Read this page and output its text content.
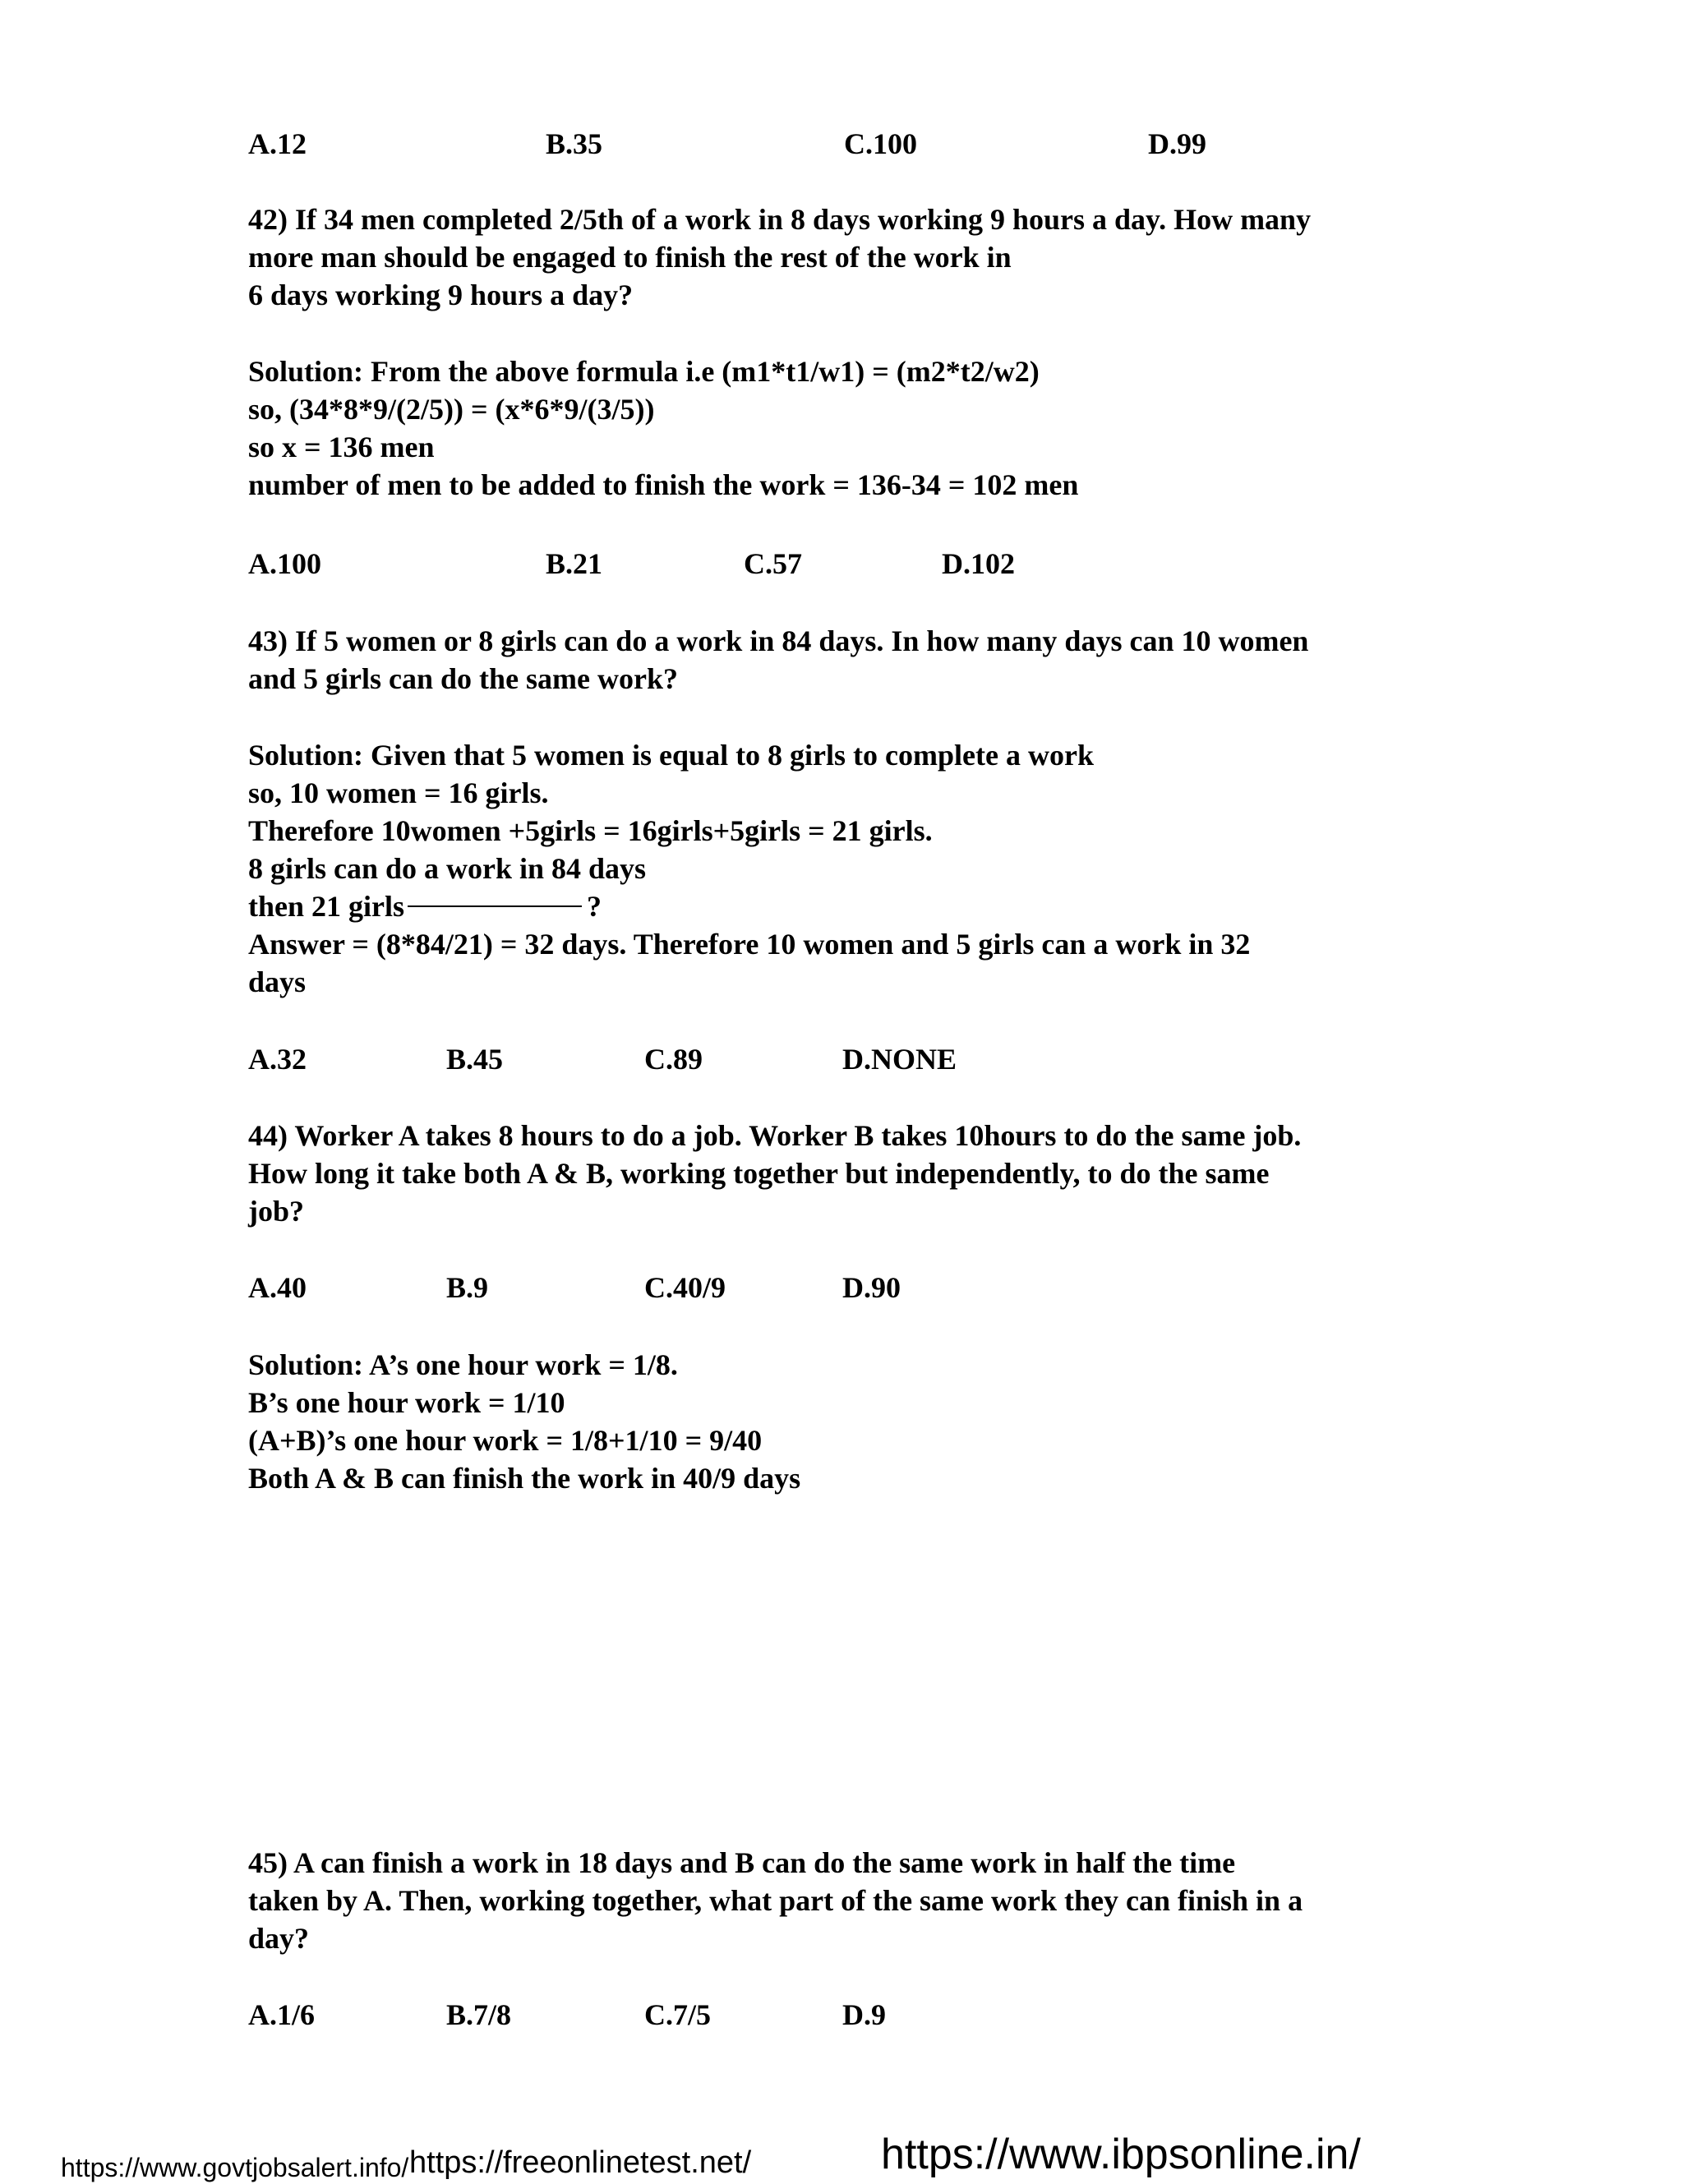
A.12	B.35	C.100	D.99
42) If 34 men completed 2/5th of a work in 8 days working 9 hours a day. How many
more man should be engaged to finish the rest of the work in
6 days working 9 hours a day?
Solution: From the above formula i.e (m1*t1/w1) = (m2*t2/w2)
so, (34*8*9/(2/5)) = (x*6*9/(3/5))
so x = 136 men
number of men to be added to finish the work = 136-34 = 102 men
A.100	B.21	C.57	D.102
43) If 5 women or 8 girls can do a work in 84 days. In how many days can 10 women
and 5 girls can do the same work?
Solution: Given that 5 women is equal to 8 girls to complete a work
so, 10 women = 16 girls.
Therefore 10women +5girls = 16girls+5girls = 21 girls.
8 girls can do a work in 84 days
then 21 girls	?
Answer = (8*84/21) = 32 days. Therefore 10 women and 5 girls can a work in 32
days
A.32	B.45	C.89	D.NONE
44) Worker A takes 8 hours to do a job. Worker B takes 10hours to do the same job.
How long it take both A & B, working together but independently, to do the same
job?
A.40	B.9	C.40/9	D.90
Solution: A’s one hour work = 1/8.
B’s one hour work = 1/10
(A+B)’s one hour work = 1/8+1/10 = 9/40
Both A & B can finish the work in 40/9 days
45) A can finish a work in 18 days and B can do the same work in half the time
taken by A. Then, working together, what part of the same work they can finish in a
day?
A.1/6	B.7/8	C.7/5	D.9
https://www.govtjobsalert.info/ https://freeonlinetest.net/	https://www.ibpsonline.in/
